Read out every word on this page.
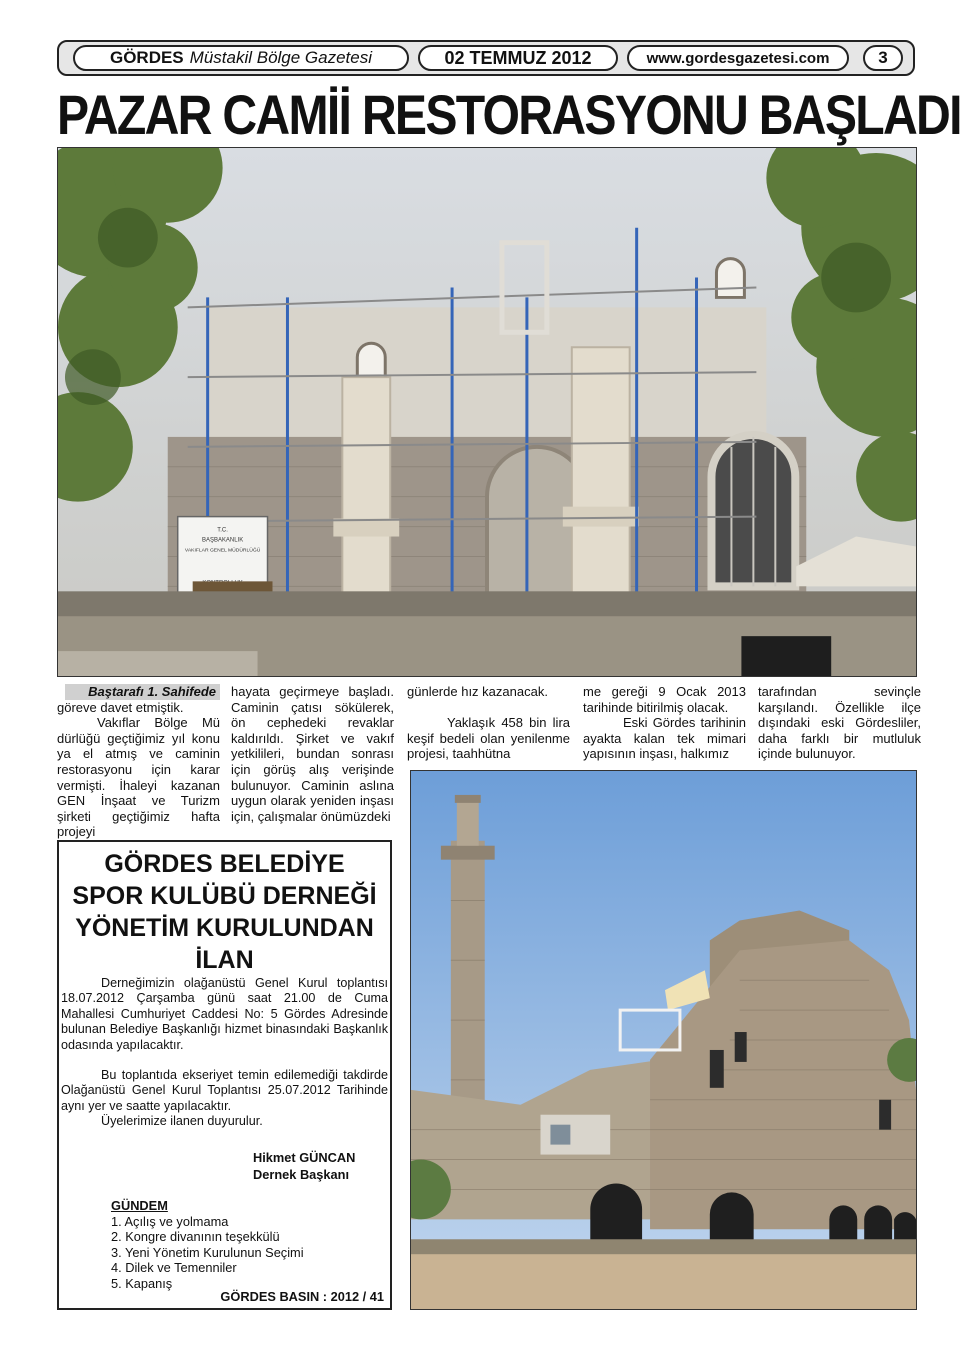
GÖRDES Müstakil Bölge Gazetesi	02 TEMMUZ 2012	www.gordesgazetesi.com	3
PAZAR CAMİİ RESTORASYONU BAŞLADI
T.C.
BAŞBAKANLIK
VAKIFLAR GENEL MÜDÜRLÜĞÜ
Baştarafı 1. Sahifede

göreve davet etmiştik.

Vakıflar Bölge Mü dürlüğü geçtiğimiz yıl konu ya el atmış ve caminin restorasyonu için karar vermişti. İhaleyi kazanan GEN İnşaat ve Turizm şirketi geçtiğimiz hafta projeyi

hayata geçirmeye başladı. Caminin çatısı sökülerek, ön cephedeki revaklar kaldırıldı. Şirket ve vakıf yetkilileri, bundan sonrası için görüş alış verişinde bulunuyor. Caminin aslına uygun olarak yeniden inşası için, çalışmalar önümüzdeki

günlerde hız kazanacak.

Yaklaşık 458 bin lira keşif bedeli olan yenilenme projesi, taahhütna

me gereği 9 Ocak 2013 tarihinde bitirilmiş olacak.

Eski Gördes tarihinin ayakta kalan tek mimari yapısının inşası, halkımız

tarafından sevinçle karşılandı. Özellikle ilçe dışındaki eski Gördesliler, daha farklı bir mutluluk içinde bulunuyor.

GÖRDES BELEDİYE
SPOR KULÜBÜ DERNEĞİ
YÖNETİM KURULUNDAN
İLAN

Derneğimizin olağanüstü Genel Kurul toplantısı 18.07.2012 Çarşamba günü saat 21.00 de Cuma Mahallesi Cumhuriyet Caddesi No: 5 Gördes Adresinde bulunan Belediye Başkanlığı hizmet binasındaki Başkanlık odasında yapılacaktır.

Bu toplantıda ekseriyet temin edilemediği takdirde Olağanüstü Genel Kurul Toplantısı 25.07.2012 Tarihinde aynı yer ve saatte yapılacaktır.

Üyelerimize ilanen duyurulur.

Hikmet GÜNCAN
Dernek Başkanı
GÜNDEM
1. Açılış ve yolmama
2. Kongre divanının teşekkülü
3. Yeni Yönetim Kurulunun Seçimi
4. Dilek ve Temenniler
5. Kapanış
GÖRDES BASIN : 2012 / 41
